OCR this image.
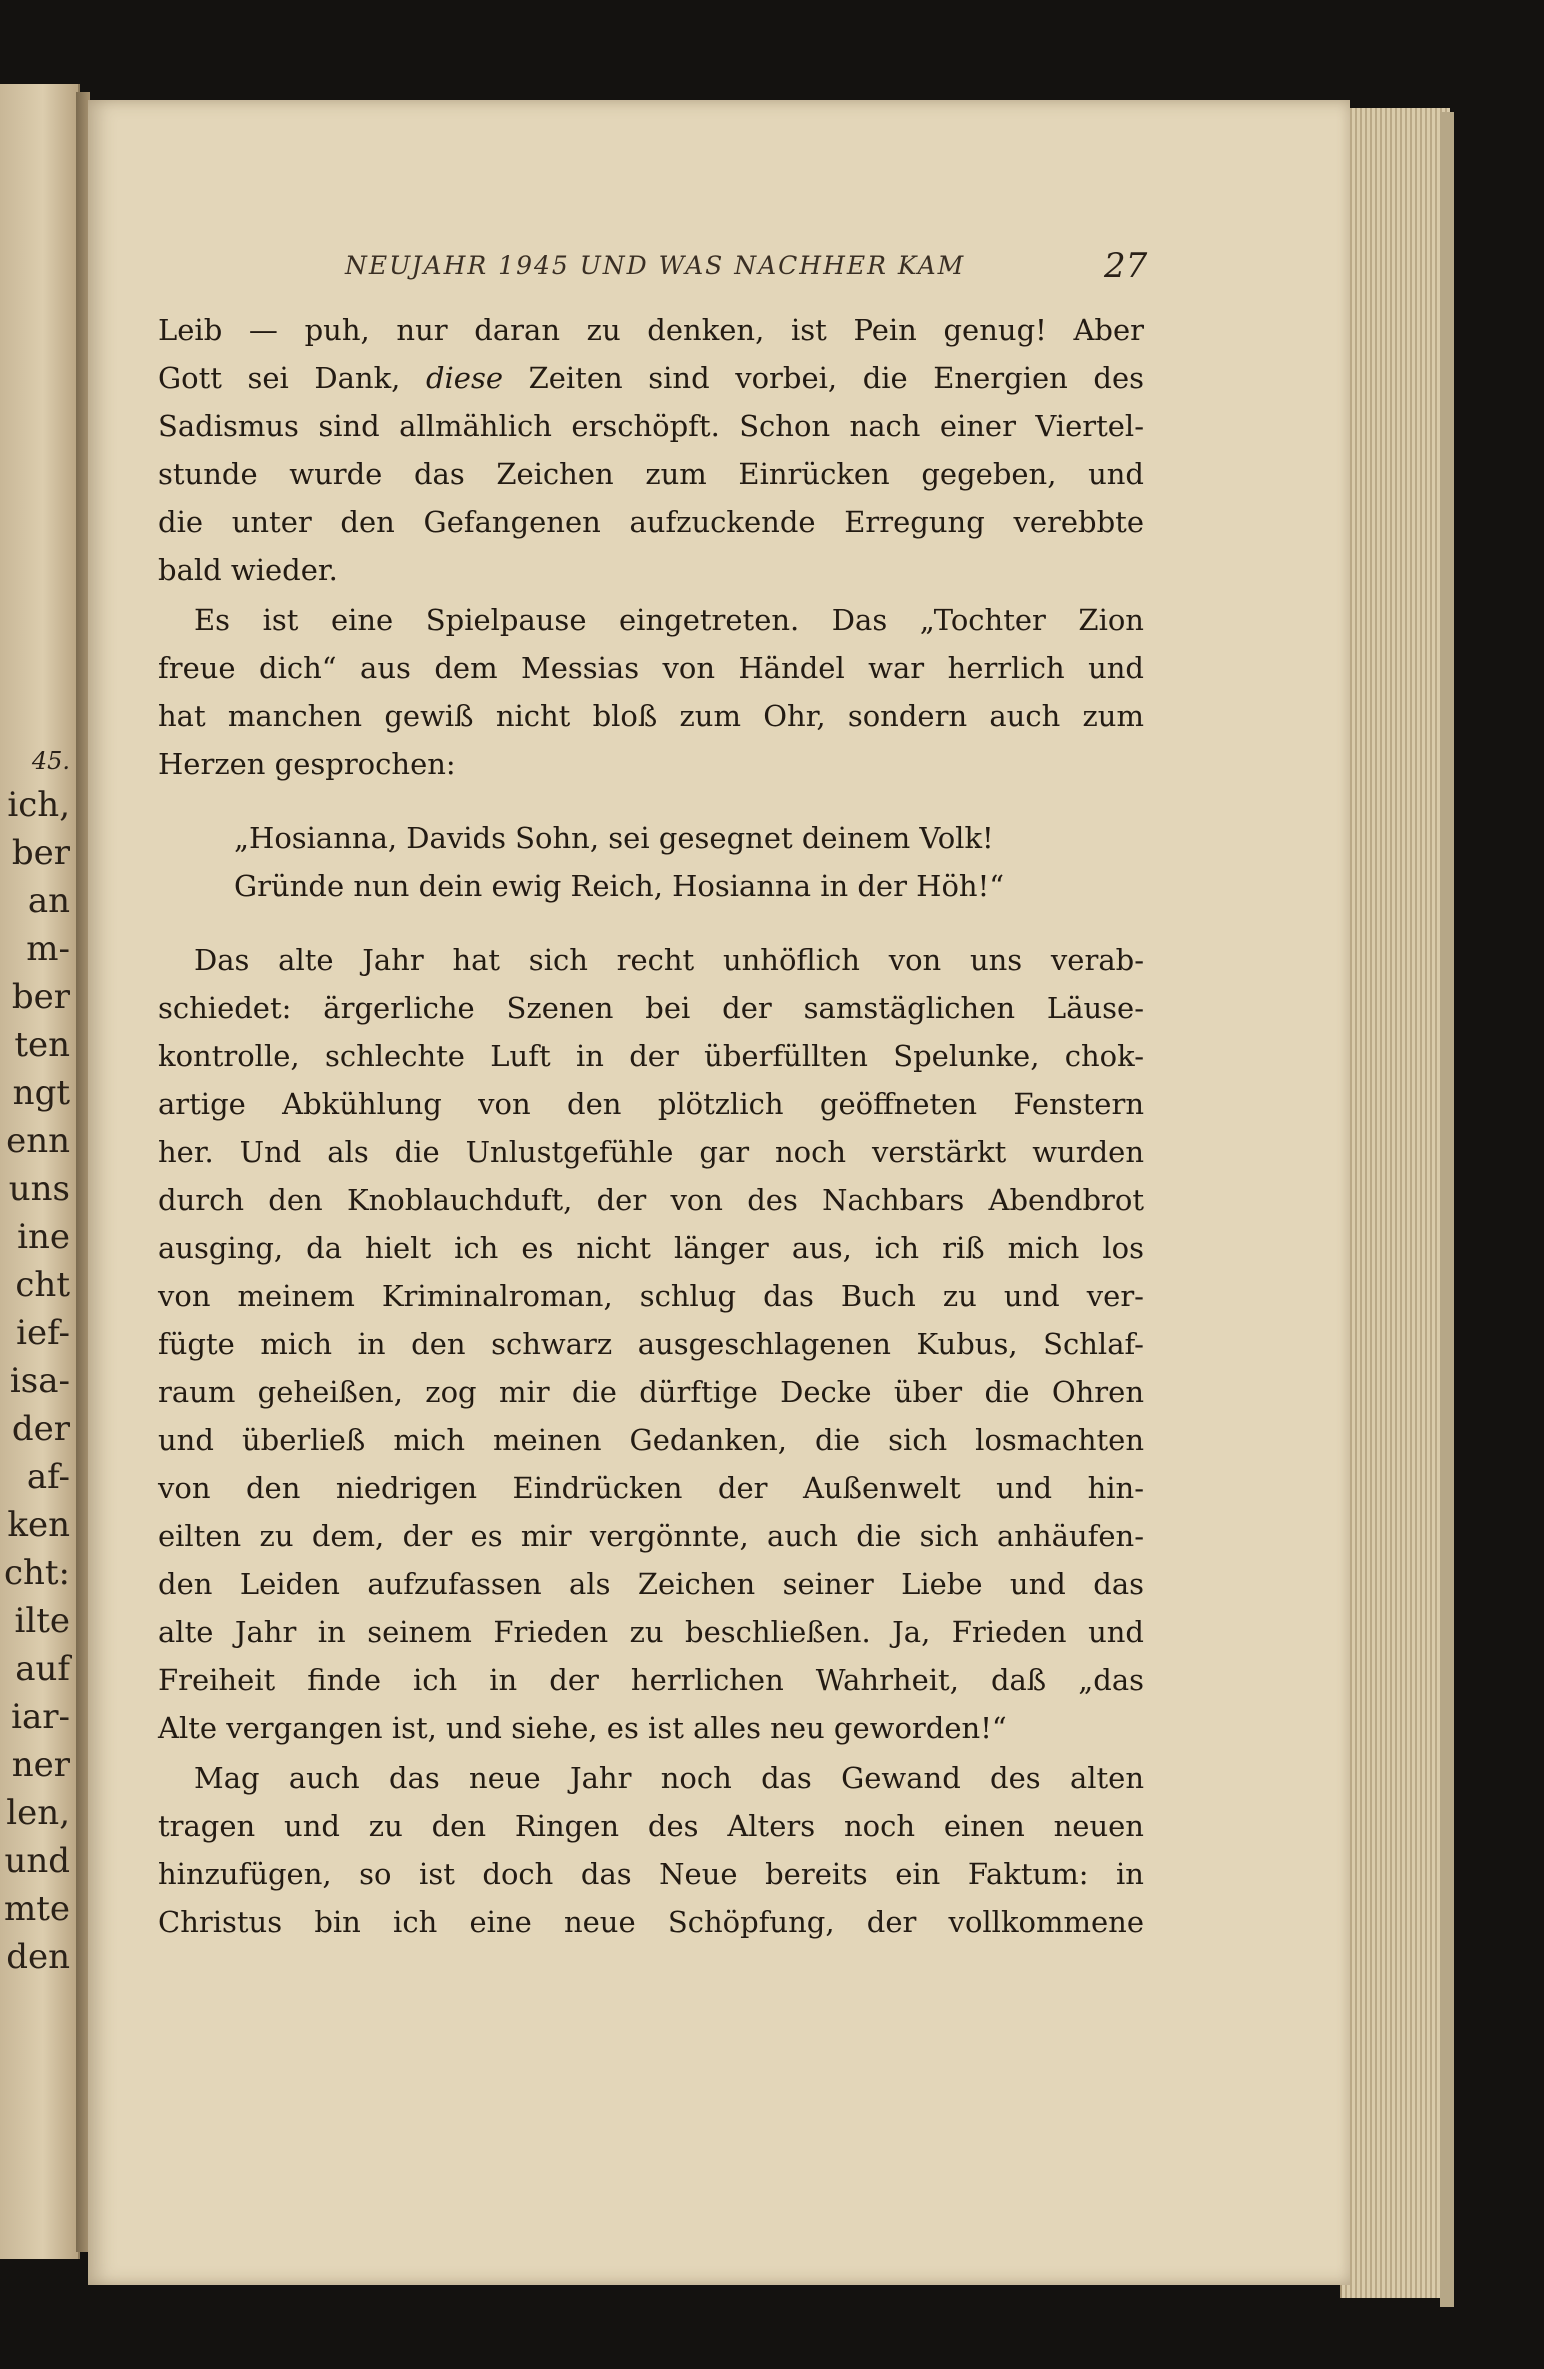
45.
ich,
ber
an
m-
ber
ten
ngt
enn
uns
ine
cht
ief-
isa-
der
af-
ken
cht:
ilte
auf
iar-
ner
len,
und
mte
den
NEUJAHR 1945 UND WAS NACHHER KAM	27
Leib — puh, nur daran zu denken, ist Pein genug! Aber
Gott sei Dank, diese Zeiten sind vorbei, die Energien des
Sadismus sind allmählich erschöpft. Schon nach einer Viertel-
stunde wurde das Zeichen zum Einrücken gegeben, und
die unter den Gefangenen aufzuckende Erregung verebbte
bald wieder.
Es ist eine Spielpause eingetreten. Das „Tochter Zion
freue dich“ aus dem Messias von Händel war herrlich und
hat manchen gewiß nicht bloß zum Ohr, sondern auch zum
Herzen gesprochen:
„Hosianna, Davids Sohn, sei gesegnet deinem Volk!
Gründe nun dein ewig Reich, Hosianna in der Höh!“
Das alte Jahr hat sich recht unhöflich von uns verab-
schiedet: ärgerliche Szenen bei der samstäglichen Läuse-
kontrolle, schlechte Luft in der überfüllten Spelunke, chok-
artige Abkühlung von den plötzlich geöffneten Fenstern
her. Und als die Unlustgefühle gar noch verstärkt wurden
durch den Knoblauchduft, der von des Nachbars Abendbrot
ausging, da hielt ich es nicht länger aus, ich riß mich los
von meinem Kriminalroman, schlug das Buch zu und ver-
fügte mich in den schwarz ausgeschlagenen Kubus, Schlaf-
raum geheißen, zog mir die dürftige Decke über die Ohren
und überließ mich meinen Gedanken, die sich losmachten
von den niedrigen Eindrücken der Außenwelt und hin-
eilten zu dem, der es mir vergönnte, auch die sich anhäufen-
den Leiden aufzufassen als Zeichen seiner Liebe und das
alte Jahr in seinem Frieden zu beschließen. Ja, Frieden und
Freiheit finde ich in der herrlichen Wahrheit, daß „das
Alte vergangen ist, und siehe, es ist alles neu geworden!“
Mag auch das neue Jahr noch das Gewand des alten
tragen und zu den Ringen des Alters noch einen neuen
hinzufügen, so ist doch das Neue bereits ein Faktum: in
Christus bin ich eine neue Schöpfung, der vollkommene
